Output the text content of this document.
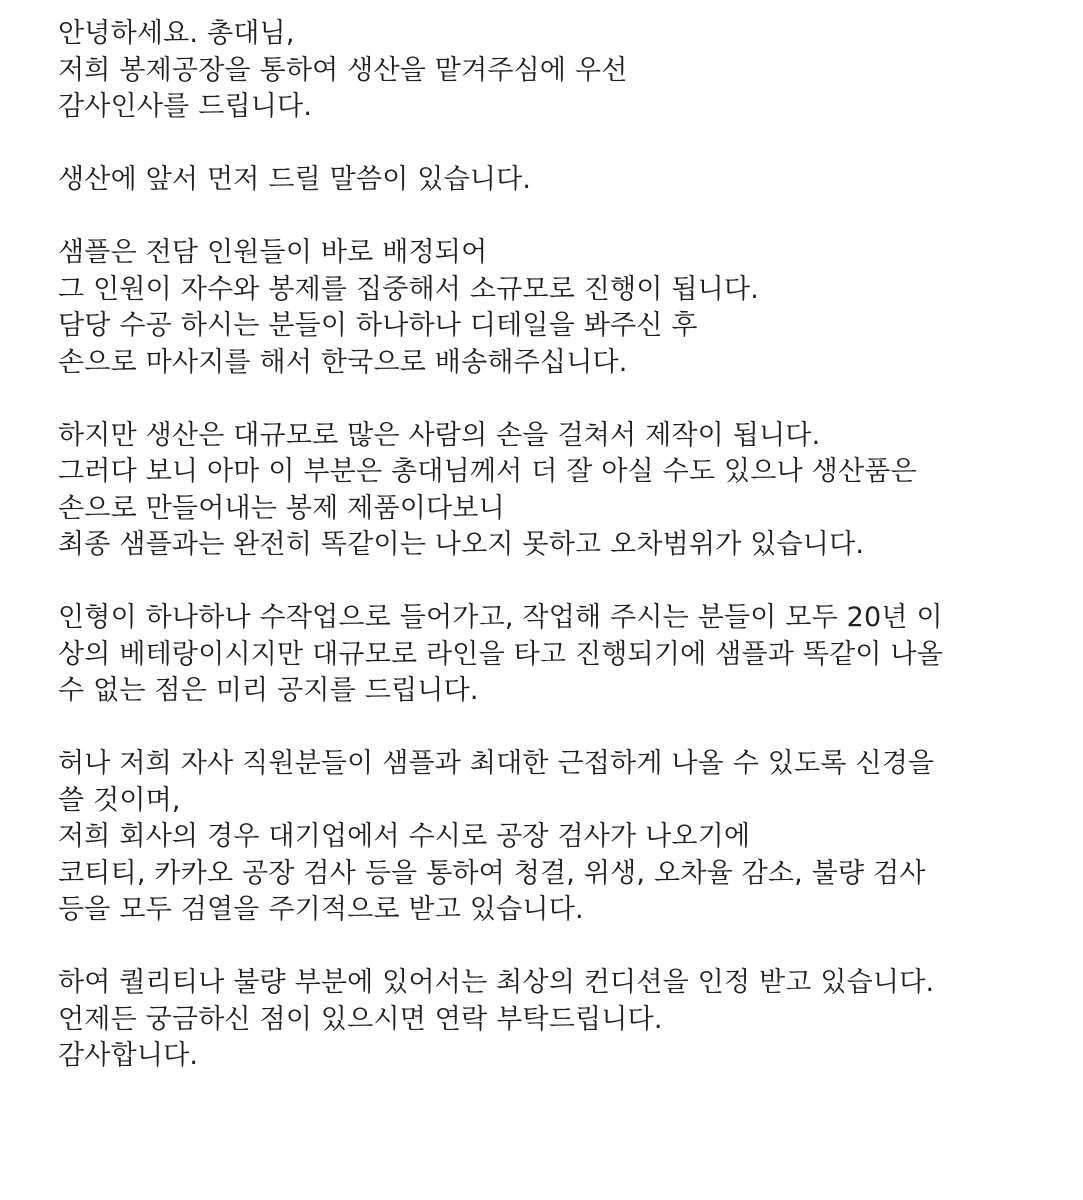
안녕하세요. 총대님,
저희 봉제공장을 통하여 생산을 맡겨주심에 우선
감사인사를 드립니다.
생산에 앞서 먼저 드릴 말씀이 있습니다.
샘플은 전담 인원들이 바로 배정되어
그 인원이 자수와 봉제를 집중해서 소규모로 진행이 됩니다.
담당 수공 하시는 분들이 하나하나 디테일을 봐주신 후
손으로 마사지를 해서 한국으로 배송해주십니다.
하지만 생산은 대규모로 많은 사람의 손을 걸쳐서 제작이 됩니다.
그러다 보니 아마 이 부분은 총대님께서 더 잘 아실 수도 있으나 생산품은
손으로 만들어내는 봉제 제품이다보니
최종 샘플과는 완전히 똑같이는 나오지 못하고 오차범위가 있습니다.
인형이 하나하나 수작업으로 들어가고, 작업해 주시는 분들이 모두 20년 이
상의 베테랑이시지만 대규모로 라인을 타고 진행되기에 샘플과 똑같이 나올
수 없는 점은 미리 공지를 드립니다.
허나 저희 자사 직원분들이 샘플과 최대한 근접하게 나올 수 있도록 신경을
쓸 것이며,
저희 회사의 경우 대기업에서 수시로 공장 검사가 나오기에
코티티, 카카오 공장 검사 등을 통하여 청결, 위생, 오차율 감소, 불량 검사
등을 모두 검열을 주기적으로 받고 있습니다.
하여 퀄리티나 불량 부분에 있어서는 최상의 컨디션을 인정 받고 있습니다.
언제든 궁금하신 점이 있으시면 연락 부탁드립니다.
감사합니다.
